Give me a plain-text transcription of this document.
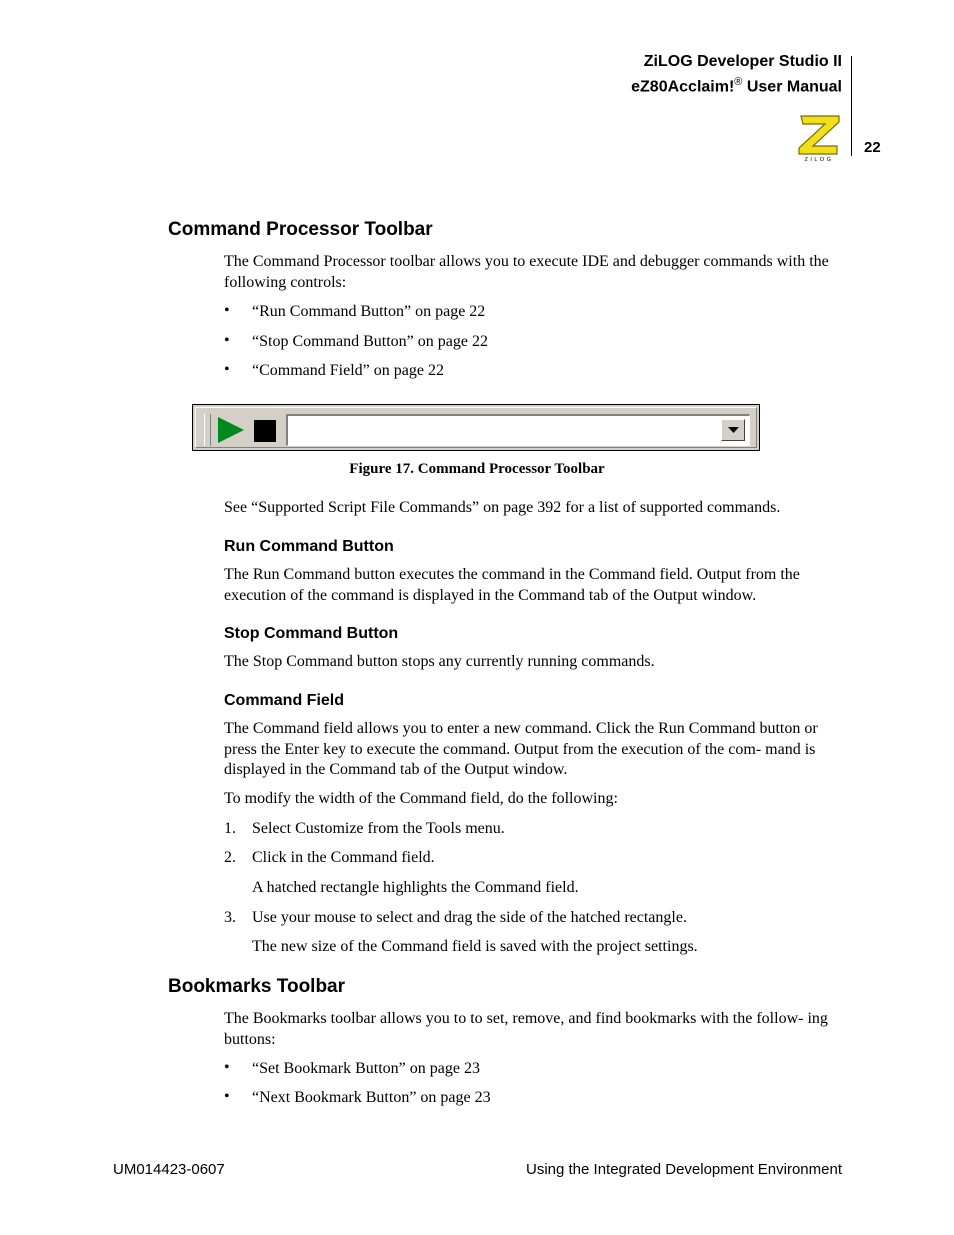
ZiLOG Developer Studio II
eZ80Acclaim!® User Manual
22
ZILOG
Command Processor Toolbar

The Command Processor toolbar allows you to execute IDE and debugger commands with the following controls:

• “Run Command Button” on page 22
• “Stop Command Button” on page 22
• “Command Field” on page 22
Figure 17. Command Processor Toolbar

See “Supported Script File Commands” on page 392 for a list of supported commands.

Run Command Button

The Run Command button executes the command in the Command field. Output from the execution of the command is displayed in the Command tab of the Output window.

Stop Command Button

The Stop Command button stops any currently running commands.

Command Field

The Command field allows you to enter a new command. Click the Run Command button or press the Enter key to execute the command. Output from the execution of the com- mand is displayed in the Command tab of the Output window.

To modify the width of the Command field, do the following:

1. Select Customize from the Tools menu.
2. Click in the Command field.

A hatched rectangle highlights the Command field.

3. Use your mouse to select and drag the side of the hatched rectangle.

The new size of the Command field is saved with the project settings.

Bookmarks Toolbar

The Bookmarks toolbar allows you to to set, remove, and find bookmarks with the follow- ing buttons:

• “Set Bookmark Button” on page 23
• “Next Bookmark Button” on page 23
UM014423-0607	Using the Integrated Development Environment
